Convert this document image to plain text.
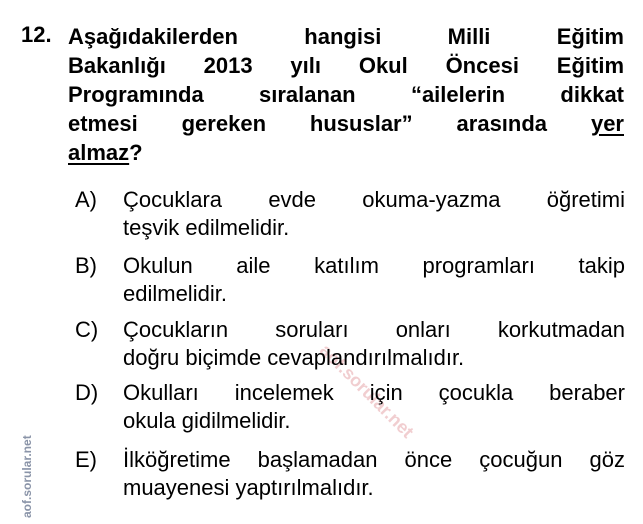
aof.sorular.net
aof.sorular.net
12. Aşağıdakilerden hangisi Milli Eğitim
Bakanlığı 2013 yılı Okul Öncesi Eğitim
Programında sıralanan “ailelerin dikkat
etmesi gereken hususlar” arasında yer
almaz?
A) Çocuklara evde okuma-yazma öğretimi
teşvik edilmelidir.
B) Okulun aile katılım programları takip
edilmelidir.
C) Çocukların soruları onları korkutmadan
doğru biçimde cevaplandırılmalıdır.
D) Okulları incelemek için çocukla beraber
okula gidilmelidir.
E) İlköğretime başlamadan önce çocuğun göz
muayenesi yaptırılmalıdır.
